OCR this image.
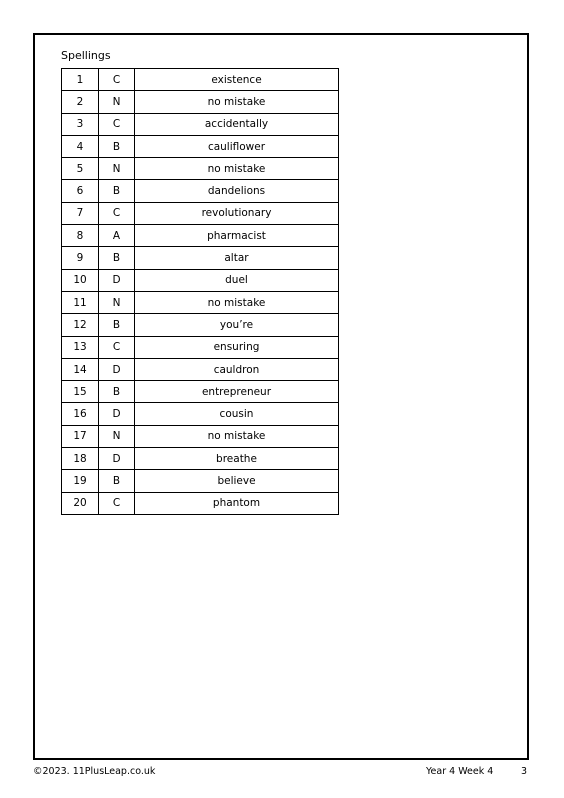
Spellings
1	C	existence
2	N	no mistake
3	C	accidentally
4	B	cauliflower
5	N	no mistake
6	B	dandelions
7	C	revolutionary
8	A	pharmacist
9	B	altar
10	D	duel
11	N	no mistake
12	B	you’re
13	C	ensuring
14	D	cauldron
15	B	entrepreneur
16	D	cousin
17	N	no mistake
18	D	breathe
19	B	believe
20	C	phantom
©2023. 11PlusLeap.co.uk	Year 4 Week 4	3
